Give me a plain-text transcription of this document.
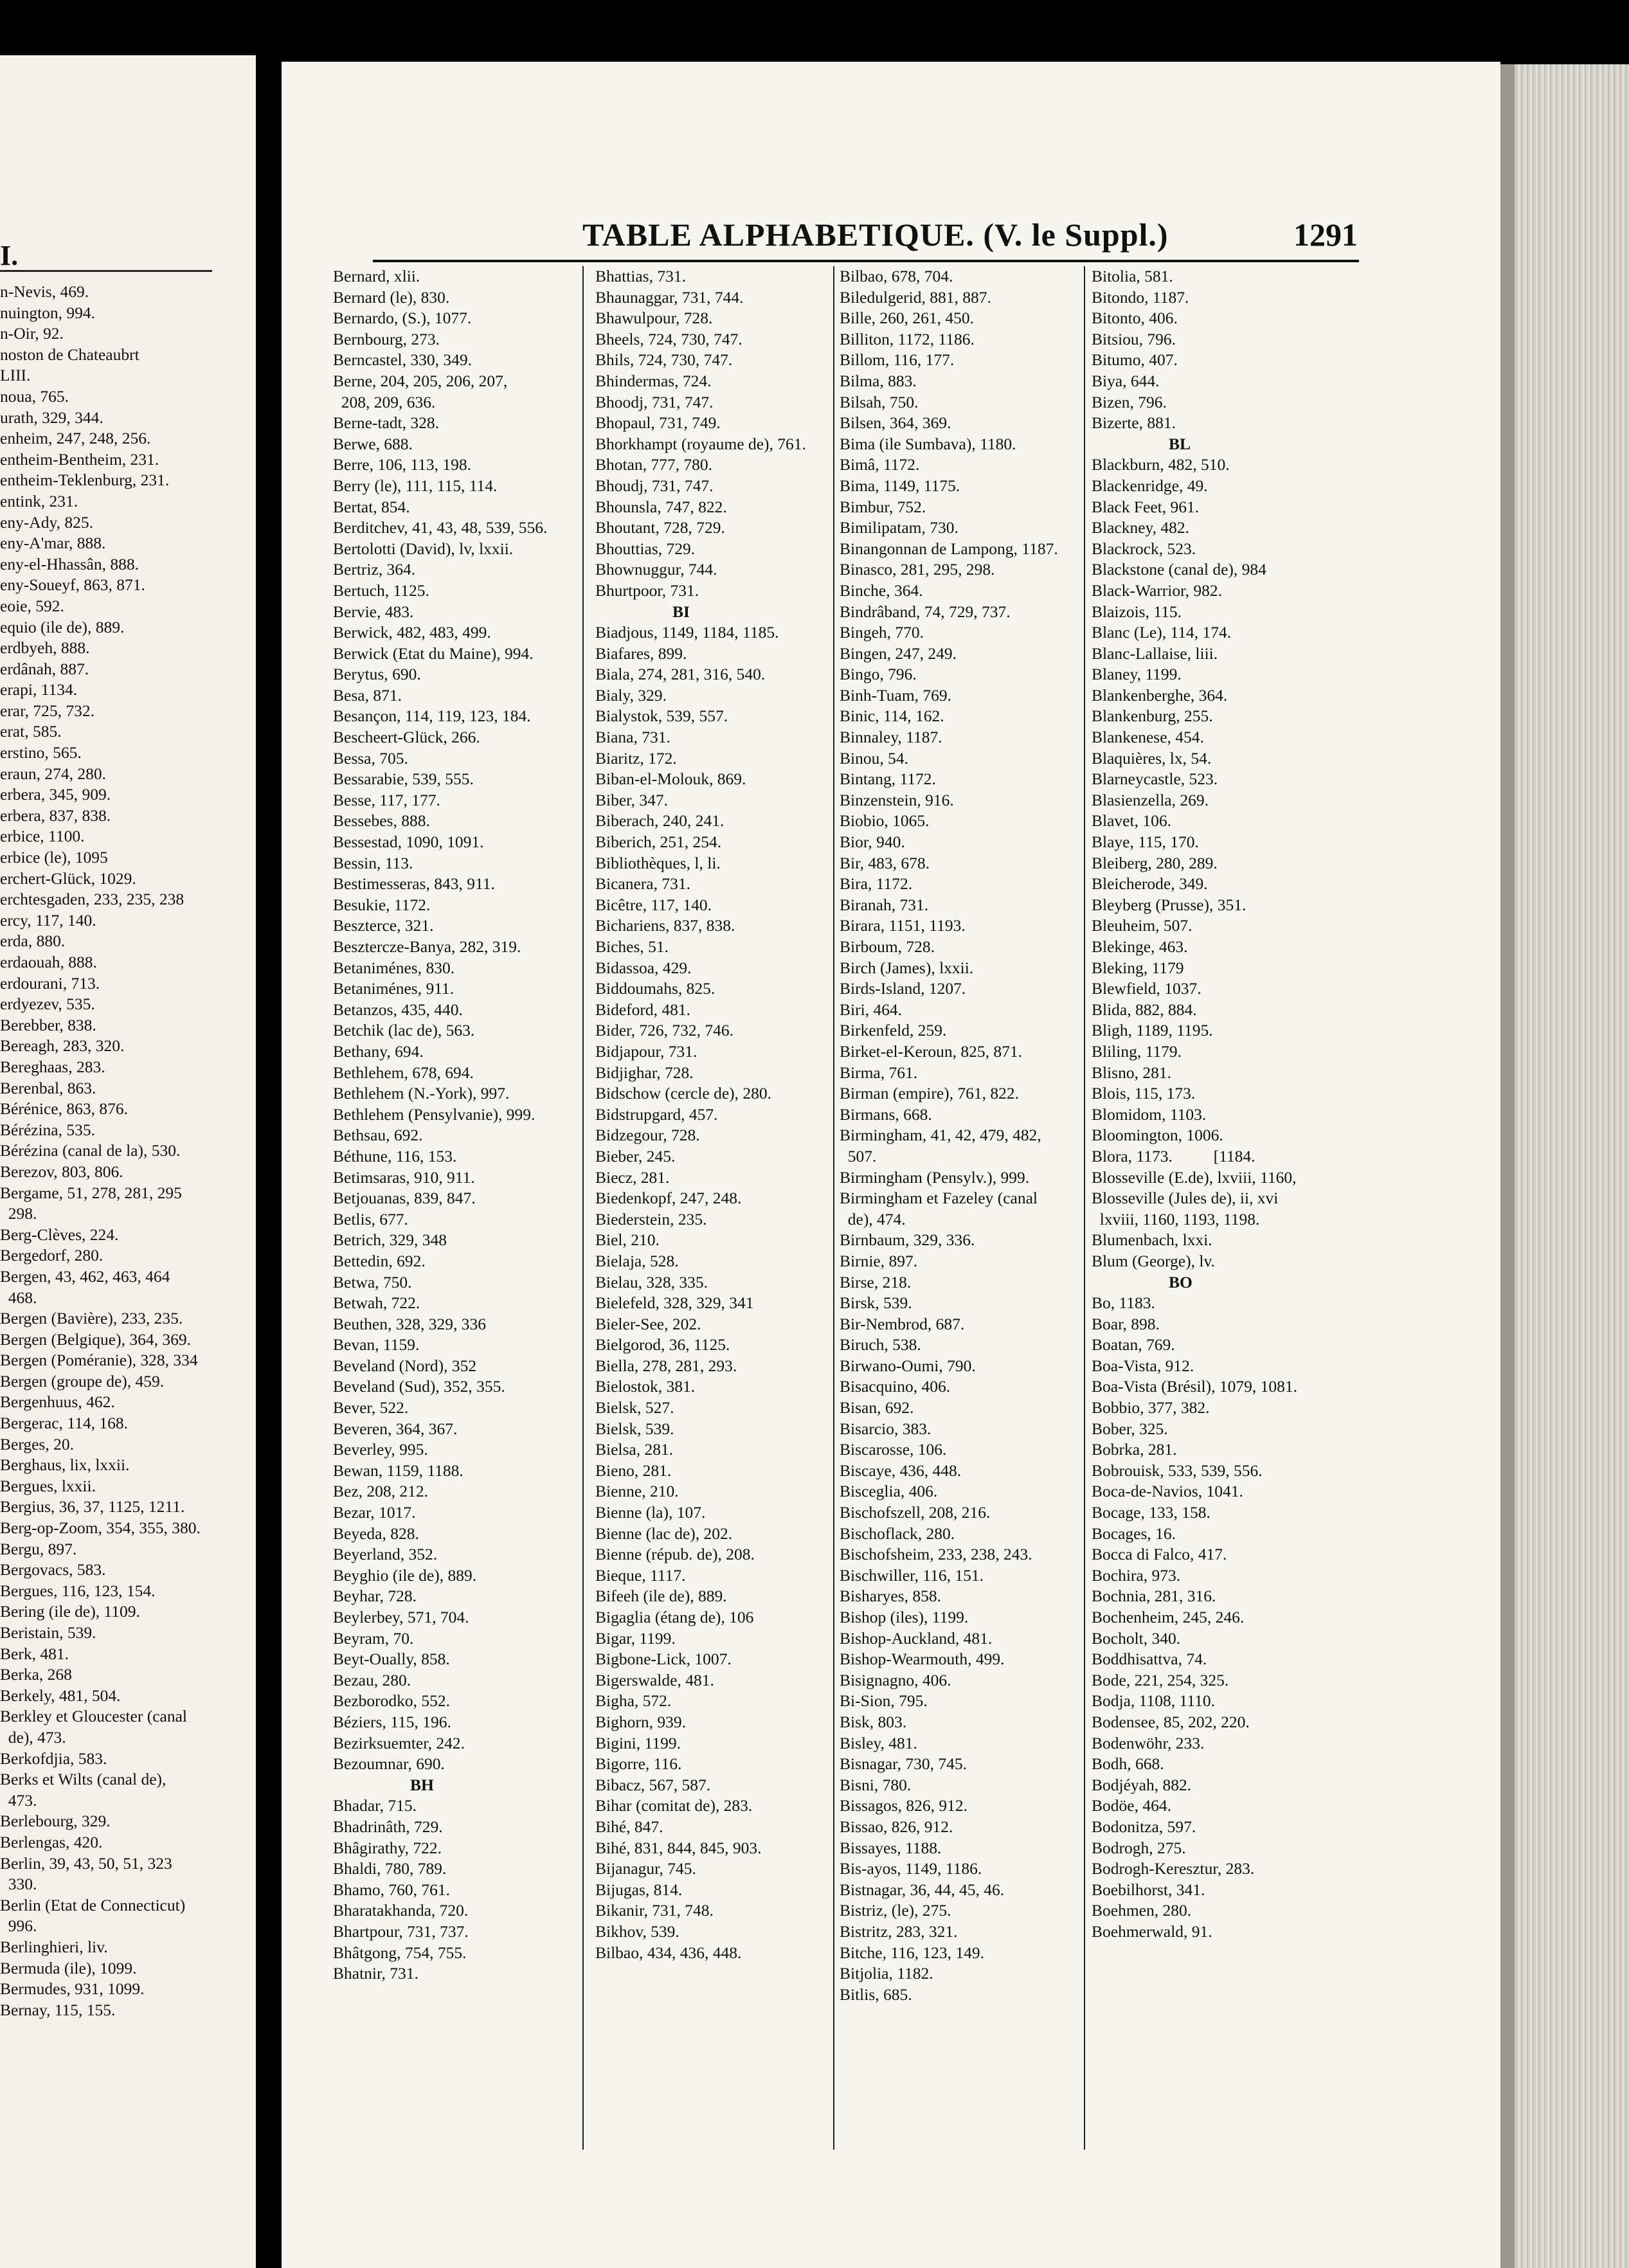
I.
n-Nevis, 469.
nuington, 994.
n-Oir, 92.
noston de Chateaubrt
LIII.
noua, 765.
urath, 329, 344.
enheim, 247, 248, 256.
entheim-Bentheim, 231.
entheim-Teklenburg, 231.
entink, 231.
eny-Ady, 825.
eny-A'mar, 888.
eny-el-Hhassân, 888.
eny-Soueyf, 863, 871.
eoie, 592.
equio (ile de), 889.
erdbyeh, 888.
erdânah, 887.
erapi, 1134.
erar, 725, 732.
erat, 585.
erstino, 565.
eraun, 274, 280.
erbera, 345, 909.
erbera, 837, 838.
erbice, 1100.
erbice (le), 1095
erchert-Glück, 1029.
erchtesgaden, 233, 235, 238
ercy, 117, 140.
erda, 880.
erdaouah, 888.
erdourani, 713.
erdyezev, 535.
Berebber, 838.
Bereagh, 283, 320.
Bereghaas, 283.
Berenbal, 863.
Bérénice, 863, 876.
Bérézina, 535.
Bérézina (canal de la), 530.
Berezov, 803, 806.
Bergame, 51, 278, 281, 295
298.
Berg-Clèves, 224.
Bergedorf, 280.
Bergen, 43, 462, 463, 464
468.
Bergen (Bavière), 233, 235.
Bergen (Belgique), 364, 369.
Bergen (Poméranie), 328, 334
Bergen (groupe de), 459.
Bergenhuus, 462.
Bergerac, 114, 168.
Berges, 20.
Berghaus, lix, lxxii.
Bergues, lxxii.
Bergius, 36, 37, 1125, 1211.
Berg-op-Zoom, 354, 355, 380.
Bergu, 897.
Bergovacs, 583.
Bergues, 116, 123, 154.
Bering (ile de), 1109.
Beristain, 539.
Berk, 481.
Berka, 268
Berkely, 481, 504.
Berkley et Gloucester (canal
de), 473.
Berkofdjia, 583.
Berks et Wilts (canal de),
473.
Berlebourg, 329.
Berlengas, 420.
Berlin, 39, 43, 50, 51, 323
330.
Berlin (Etat de Connecticut)
996.
Berlinghieri, liv.
Bermuda (ile), 1099.
Bermudes, 931, 1099.
Bernay, 115, 155.
TABLE ALPHABETIQUE. (V. le Suppl.)	1291
Bernard, xlii.
Bernard (le), 830.
Bernardo, (S.), 1077.
Bernbourg, 273.
Berncastel, 330, 349.
Berne, 204, 205, 206, 207,
208, 209, 636.
Berne-tadt, 328.
Berwe, 688.
Berre, 106, 113, 198.
Berry (le), 111, 115, 114.
Bertat, 854.
Berditchev, 41, 43, 48, 539, 556.
Bertolotti (David), lv, lxxii.
Bertriz, 364.
Bertuch, 1125.
Bervie, 483.
Berwick, 482, 483, 499.
Berwick (Etat du Maine), 994.
Berytus, 690.
Besa, 871.
Besançon, 114, 119, 123, 184.
Bescheert-Glück, 266.
Bessa, 705.
Bessarabie, 539, 555.
Besse, 117, 177.
Bessebes, 888.
Bessestad, 1090, 1091.
Bessin, 113.
Bestimesseras, 843, 911.
Besukie, 1172.
Beszterce, 321.
Besztercze-Banya, 282, 319.
Betaniménes, 830.
Betaniménes, 911.
Betanzos, 435, 440.
Betchik (lac de), 563.
Bethany, 694.
Bethlehem, 678, 694.
Bethlehem (N.-York), 997.
Bethlehem (Pensylvanie), 999.
Bethsau, 692.
Béthune, 116, 153.
Betimsaras, 910, 911.
Betjouanas, 839, 847.
Betlis, 677.
Betrich, 329, 348
Bettedin, 692.
Betwa, 750.
Betwah, 722.
Beuthen, 328, 329, 336
Bevan, 1159.
Beveland (Nord), 352
Beveland (Sud), 352, 355.
Bever, 522.
Beveren, 364, 367.
Beverley, 995.
Bewan, 1159, 1188.
Bez, 208, 212.
Bezar, 1017.
Beyeda, 828.
Beyerland, 352.
Beyghio (ile de), 889.
Beyhar, 728.
Beylerbey, 571, 704.
Beyram, 70.
Beyt-Oually, 858.
Bezau, 280.
Bezborodko, 552.
Béziers, 115, 196.
Bezirksuemter, 242.
Bezoumnar, 690.

BH
Bhadar, 715.
Bhadrinâth, 729.
Bhâgirathy, 722.
Bhaldi, 780, 789.
Bhamo, 760, 761.
Bharatakhanda, 720.
Bhartpour, 731, 737.
Bhâtgong, 754, 755.
Bhatnir, 731.

Bhattias, 731.
Bhaunaggar, 731, 744.
Bhawulpour, 728.
Bheels, 724, 730, 747.
Bhils, 724, 730, 747.
Bhindermas, 724.
Bhoodj, 731, 747.
Bhopaul, 731, 749.
Bhorkhampt (royaume de), 761.
Bhotan, 777, 780.
Bhoudj, 731, 747.
Bhounsla, 747, 822.
Bhoutant, 728, 729.
Bhouttias, 729.
Bhownuggur, 744.
Bhurtpoor, 731.

BI
Biadjous, 1149, 1184, 1185.
Biafares, 899.
Biala, 274, 281, 316, 540.
Bialy, 329.
Bialystok, 539, 557.
Biana, 731.
Biaritz, 172.
Biban-el-Molouk, 869.
Biber, 347.
Biberach, 240, 241.
Biberich, 251, 254.
Bibliothèques, l, li.
Bicanera, 731.
Bicêtre, 117, 140.
Bichariens, 837, 838.
Biches, 51.
Bidassoa, 429.
Biddoumahs, 825.
Bideford, 481.
Bider, 726, 732, 746.
Bidjapour, 731.
Bidjighar, 728.
Bidschow (cercle de), 280.
Bidstrupgard, 457.
Bidzegour, 728.
Bieber, 245.
Biecz, 281.
Biedenkopf, 247, 248.
Biederstein, 235.
Biel, 210.
Bielaja, 528.
Bielau, 328, 335.
Bielefeld, 328, 329, 341
Bieler-See, 202.
Bielgorod, 36, 1125.
Biella, 278, 281, 293.
Bielostok, 381.
Bielsk, 527.
Bielsk, 539.
Bielsa, 281.
Bieno, 281.
Bienne, 210.
Bienne (la), 107.
Bienne (lac de), 202.
Bienne (répub. de), 208.
Bieque, 1117.
Bifeeh (ile de), 889.
Bigaglia (étang de), 106
Bigar, 1199.
Bigbone-Lick, 1007.
Bigerswalde, 481.
Bigha, 572.
Bighorn, 939.
Bigini, 1199.
Bigorre, 116.
Bibacz, 567, 587.
Bihar (comitat de), 283.
Bihé, 847.
Bihé, 831, 844, 845, 903.
Bijanagur, 745.
Bijugas, 814.
Bikanir, 731, 748.
Bikhov, 539.
Bilbao, 434, 436, 448.

Bilbao, 678, 704.
Biledulgerid, 881, 887.
Bille, 260, 261, 450.
Billiton, 1172, 1186.
Billom, 116, 177.
Bilma, 883.
Bilsah, 750.
Bilsen, 364, 369.
Bima (ile Sumbava), 1180.
Bimâ, 1172.
Bima, 1149, 1175.
Bimbur, 752.
Bimilipatam, 730.
Binangonnan de Lampong, 1187.
Binasco, 281, 295, 298.
Binche, 364.
Bindrâband, 74, 729, 737.
Bingeh, 770.
Bingen, 247, 249.
Bingo, 796.
Binh-Tuam, 769.
Binic, 114, 162.
Binnaley, 1187.
Binou, 54.
Bintang, 1172.
Binzenstein, 916.
Biobio, 1065.
Bior, 940.
Bir, 483, 678.
Bira, 1172.
Biranah, 731.
Birara, 1151, 1193.
Birboum, 728.
Birch (James), lxxii.
Birds-Island, 1207.
Biri, 464.
Birkenfeld, 259.
Birket-el-Keroun, 825, 871.
Birma, 761.
Birman (empire), 761, 822.
Birmans, 668.
Birmingham, 41, 42, 479, 482,
507.
Birmingham (Pensylv.), 999.
Birmingham et Fazeley (canal
de), 474.
Birnbaum, 329, 336.
Birnie, 897.
Birse, 218.
Birsk, 539.
Bir-Nembrod, 687.
Biruch, 538.
Birwano-Oumi, 790.
Bisacquino, 406.
Bisan, 692.
Bisarcio, 383.
Biscarosse, 106.
Biscaye, 436, 448.
Bisceglia, 406.
Bischofszell, 208, 216.
Bischoflack, 280.
Bischofsheim, 233, 238, 243.
Bischwiller, 116, 151.
Bisharyes, 858.
Bishop (iles), 1199.
Bishop-Auckland, 481.
Bishop-Wearmouth, 499.
Bisignagno, 406.
Bi-Sion, 795.
Bisk, 803.
Bisley, 481.
Bisnagar, 730, 745.
Bisni, 780.
Bissagos, 826, 912.
Bissao, 826, 912.
Bissayes, 1188.
Bis-ayos, 1149, 1186.
Bistnagar, 36, 44, 45, 46.
Bistriz, (le), 275.
Bistritz, 283, 321.
Bitche, 116, 123, 149.
Bitjolia, 1182.
Bitlis, 685.

Bitolia, 581.
Bitondo, 1187.
Bitonto, 406.
Bitsiou, 796.
Bitumo, 407.
Biya, 644.
Bizen, 796.
Bizerte, 881.

BL
Blackburn, 482, 510.
Blackenridge, 49.
Black Feet, 961.
Blackney, 482.
Blackrock, 523.
Blackstone (canal de), 984
Black-Warrior, 982.
Blaizois, 115.
Blanc (Le), 114, 174.
Blanc-Lallaise, liii.
Blaney, 1199.
Blankenberghe, 364.
Blankenburg, 255.
Blankenese, 454.
Blaquières, lx, 54.
Blarneycastle, 523.
Blasienzella, 269.
Blavet, 106.
Blaye, 115, 170.
Bleiberg, 280, 289.
Bleicherode, 349.
Bleyberg (Prusse), 351.
Bleuheim, 507.
Blekinge, 463.
Bleking, 1179
Blewfield, 1037.
Blida, 882, 884.
Bligh, 1189, 1195.
Bliling, 1179.
Blisno, 281.
Blois, 115, 173.
Blomidom, 1103.
Bloomington, 1006.
Blora, 1173.          [1184.
Blosseville (E.de), lxviii, 1160,
Blosseville (Jules de), ii, xvi
lxviii, 1160, 1193, 1198.
Blumenbach, lxxi.
Blum (George), lv.

BO
Bo, 1183.
Boar, 898.
Boatan, 769.
Boa-Vista, 912.
Boa-Vista (Brésil), 1079, 1081.
Bobbio, 377, 382.
Bober, 325.
Bobrka, 281.
Bobrouisk, 533, 539, 556.
Boca-de-Navios, 1041.
Bocage, 133, 158.
Bocages, 16.
Bocca di Falco, 417.
Bochira, 973.
Bochnia, 281, 316.
Bochenheim, 245, 246.
Bocholt, 340.
Boddhisattva, 74.
Bode, 221, 254, 325.
Bodja, 1108, 1110.
Bodensee, 85, 202, 220.
Bodenwöhr, 233.
Bodh, 668.
Bodjéyah, 882.
Bodöe, 464.
Bodonitza, 597.
Bodrogh, 275.
Bodrogh-Keresztur, 283.
Boebilhorst, 341.
Boehmen, 280.
Boehmerwald, 91.
